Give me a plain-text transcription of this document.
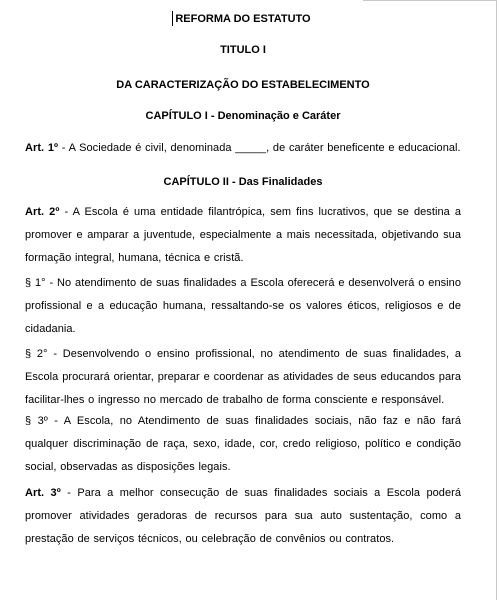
REFORMA DO ESTATUTO
TITULO I
DA CARACTERIZAÇÃO DO ESTABELECIMENTO
CAPÍTULO I - Denominação e Caráter
Art. 1º - A Sociedade é civil, denominada _____, de caráter beneficente e educacional.
CAPÍTULO II - Das Finalidades
Art. 2º - A Escola é uma entidade filantrópica, sem fins lucrativos, que se destina a promover e amparar a juventude, especialmente a mais necessitada, objetivando sua formação integral, humana, técnica e cristã.
§ 1° - No atendimento de suas finalidades a Escola oferecerá e desenvolverá o ensino profissional e a educação humana, ressaltando-se os valores éticos, religiosos e de cidadania.
§ 2° - Desenvolvendo o ensino profissional, no atendimento de suas finalidades, a Escola procurará orientar, preparar e coordenar as atividades de seus educandos para facilitar-lhes o ingresso no mercado de trabalho de forma consciente e responsável.
§ 3º - A Escola, no Atendimento de suas finalidades sociais, não faz e não fará qualquer discriminação de raça, sexo, idade, cor, credo religioso, político e condição social, observadas as disposições legais.
Art. 3º - Para a melhor consecução de suas finalidades sociais a Escola poderá promover atividades geradoras de recursos para sua auto sustentação, como a prestação de serviços técnicos, ou celebração de convênios ou contratos.
